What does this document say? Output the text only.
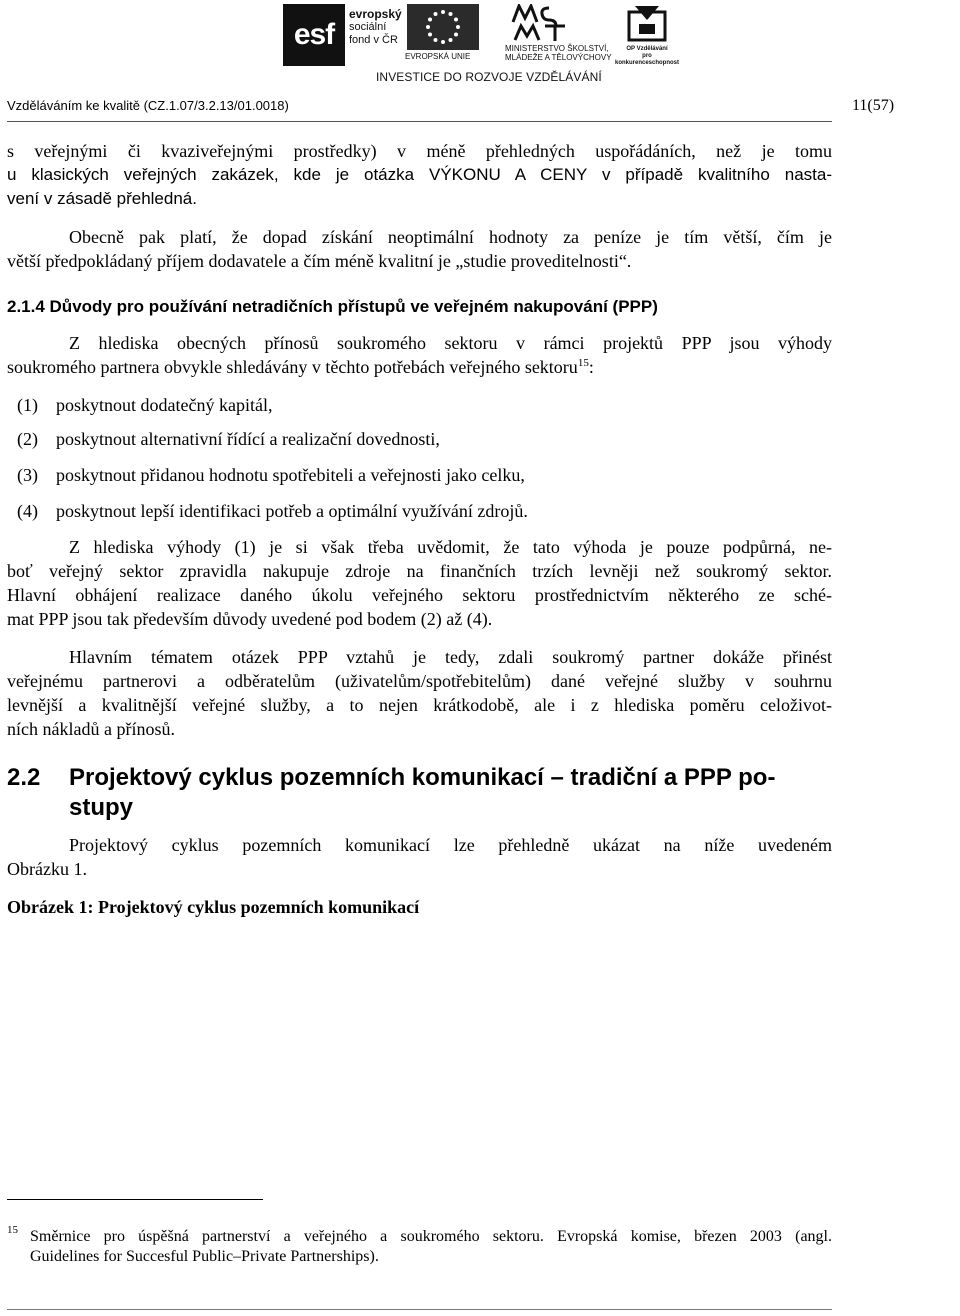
esf
evropský
sociální
fond v ČR
EVROPSKÁ UNIE
MINISTERSTVO ŠKOLSTVÍ,
MLÁDEŽE A TĚLOVÝCHOVY
OP Vzdělávání
pro konkurenceschopnost
INVESTICE DO ROZVOJE VZDĚLÁVÁNÍ
Vzděláváním ke kvalitě (CZ.1.07/3.2.13/01.0018)	11(57)
s veřejnými či kvaziveřejnými prostředky) v méně přehledných uspořádáních, než je tomu
u klasických veřejných zakázek, kde je otázka VÝKONU A CENY v případě kvalitního nasta-
vení v zásadě přehledná.
Obecně pak platí, že dopad získání neoptimální hodnoty za peníze je tím větší, čím je
větší předpokládaný příjem dodavatele a čím méně kvalitní je „studie proveditelnosti“.
2.1.4 Důvody pro používání netradičních přístupů ve veřejném nakupování (PPP)
Z hlediska obecných přínosů soukromého sektoru v rámci projektů PPP jsou výhody
soukromého partnera obvykle shledávány v těchto potřebách veřejného sektoru$^{15}$:
(1) poskytnout dodatečný kapitál,
(2) poskytnout alternativní řídící a realizační dovednosti,
(3) poskytnout přidanou hodnotu spotřebiteli a veřejnosti jako celku,
(4) poskytnout lepší identifikaci potřeb a optimální využívání zdrojů.
Z hlediska výhody (1) je si však třeba uvědomit, že tato výhoda je pouze podpůrná, ne-
boť veřejný sektor zpravidla nakupuje zdroje na finančních trzích levněji než soukromý sektor.
Hlavní obhájení realizace daného úkolu veřejného sektoru prostřednictvím některého ze sché-
mat PPP jsou tak především důvody uvedené pod bodem (2) až (4).
Hlavním tématem otázek PPP vztahů je tedy, zdali soukromý partner dokáže přinést
veřejnému partnerovi a odběratelům (uživatelům/spotřebitelům) dané veřejné služby v souhrnu
levnější a kvalitnější veřejné služby, a to nejen krátkodobě, ale i z hlediska poměru celoživot-
ních nákladů a přínosů.
2.2 Projektový cyklus pozemních komunikací – tradiční a PPP po-
stupy
Projektový cyklus pozemních komunikací lze přehledně ukázat na níže uvedeném
Obrázku 1.
Obrázek 1: Projektový cyklus pozemních komunikací
15 Směrnice pro úspěšná partnerství a veřejného a soukromého sektoru. Evropská komise, březen 2003 (angl.
Guidelines for Succesful Public–Private Partnerships).
